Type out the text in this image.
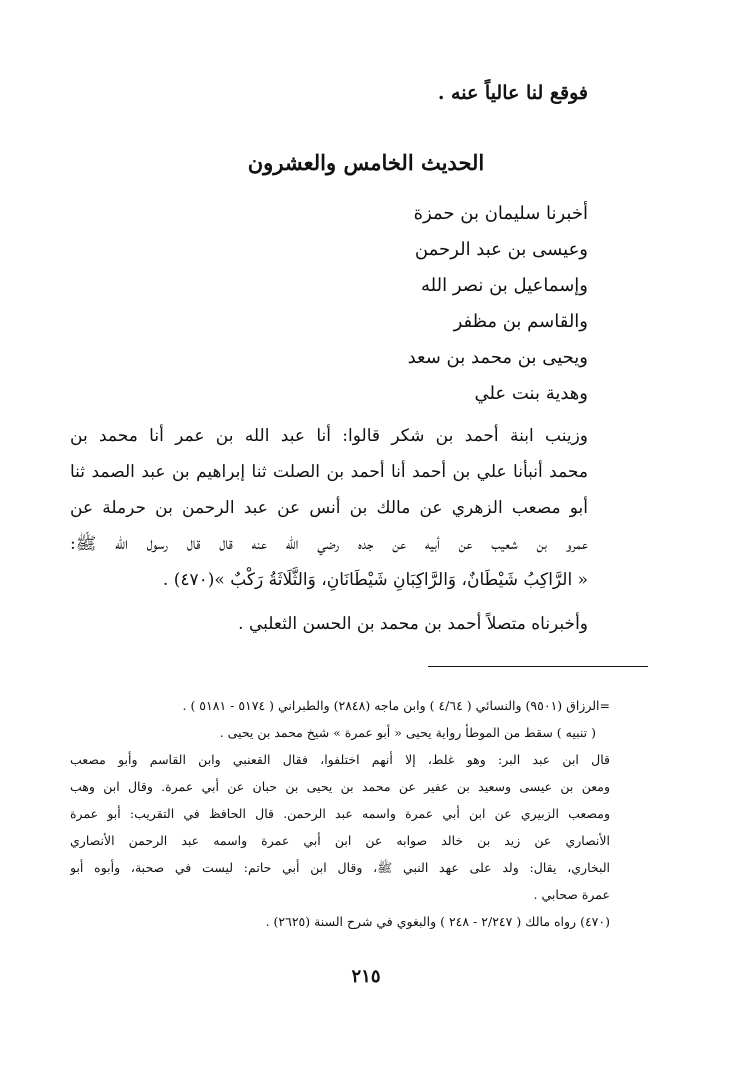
فوقع لنا عالياً عنه .
الحديث الخامس والعشرون
أخبرنا سليمان بن حمزة
وعيسى بن عبد الرحمن
وإسماعيل بن نصر الله
والقاسم بن مظفر
ويحيى بن محمد بن سعد
وهدية بنت علي
وزينب ابنة أحمد بن شكر قالوا: أنا عبد الله بن عمر أنا محمد بن
محمد أنبأنا علي بن أحمد أنا أحمد بن الصلت ثنا إبراهيم بن عبد الصمد ثنا
أبو مصعب الزهري عن مالك بن أنس عن عبد الرحمن بن حرملة عن
عمرو بن شعيب عن أبيه عن جده رضي الله عنه قال قال رسول الله ﷺ:
« الرَّاكِبُ شَيْطَانٌ، وَالرَّاكِبَانِ شَيْطَانَانِ، وَالثَّلَاثَةُ رَكْبٌ »(٤٧٠) .
وأخبرناه متصلاً أحمد بن محمد بن الحسن الثعلبي .
=الرزاق (٩٥٠١) والنسائي ( ٤/٦٤ ) وابن ماجه (٢٨٤٨) والطبراني ( ٥١٧٤ - ٥١٨١ ) .
( تنبيه ) سقط من الموطأ رواية يحيى « أبو عمرة » شيخ محمد بن يحيى .
قال ابن عبد البر: وهو غلط، إلا أنهم اختلفوا، فقال القعنبي وابن القاسم وأبو مصعب
ومعن بن عيسى وسعيد بن عفير عن محمد بن يحيى بن حبان عن أبي عمرة. وقال ابن وهب
ومصعب الزبيري عن ابن أبي عمرة واسمه عبد الرحمن. قال الحافظ في التقريب: أبو عمرة
الأنصاري عن زيد بن خالد صوابه عن ابن أبي عمرة واسمه عبد الرحمن الأنصاري
البخاري، يقال: ولد على عهد النبي ﷺ، وقال ابن أبي حاتم: ليست في صحبة، وأبوه أبو
عمرة صحابي .
(٤٧٠) رواه مالك ( ٢/٢٤٧ - ٢٤٨ ) والبغوي في شرح السنة (٢٦٢٥) .
٢١٥
